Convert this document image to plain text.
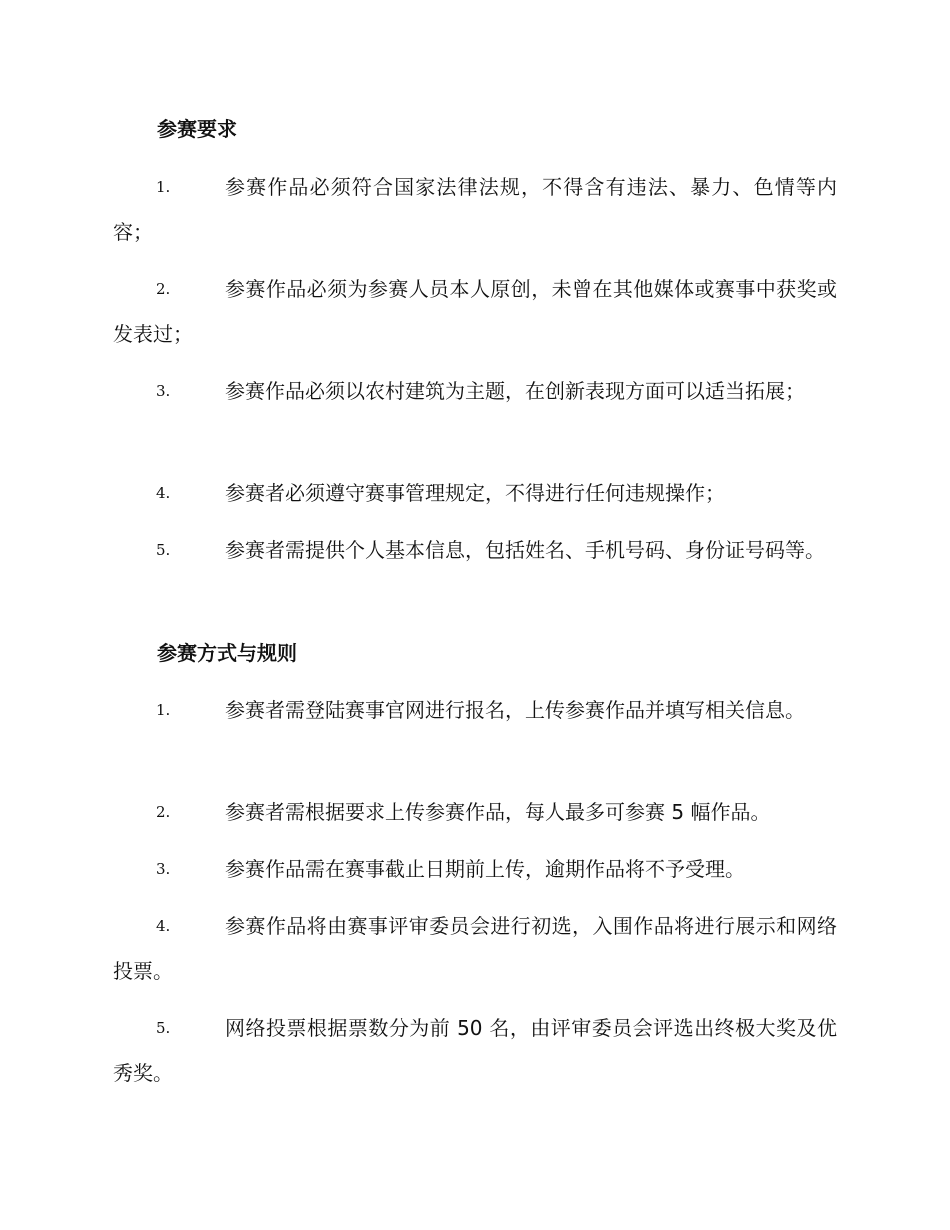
参赛要求
1.	参赛作品必须符合国家法律法规，不得含有违法、暴力、色情等内容；
2.	参赛作品必须为参赛人员本人原创，未曾在其他媒体或赛事中获奖或发表过；
3.	参赛作品必须以农村建筑为主题，在创新表现方面可以适当拓展；
4.	参赛者必须遵守赛事管理规定，不得进行任何违规操作；
5.	参赛者需提供个人基本信息，包括姓名、手机号码、身份证号码等。
参赛方式与规则
1.	参赛者需登陆赛事官网进行报名，上传参赛作品并填写相关信息。
2.	参赛者需根据要求上传参赛作品，每人最多可参赛 5 幅作品。
3.	参赛作品需在赛事截止日期前上传，逾期作品将不予受理。
4.	参赛作品将由赛事评审委员会进行初选，入围作品将进行展示和网络投票。
5.	网络投票根据票数分为前 50 名，由评审委员会评选出终极大奖及优秀奖。
